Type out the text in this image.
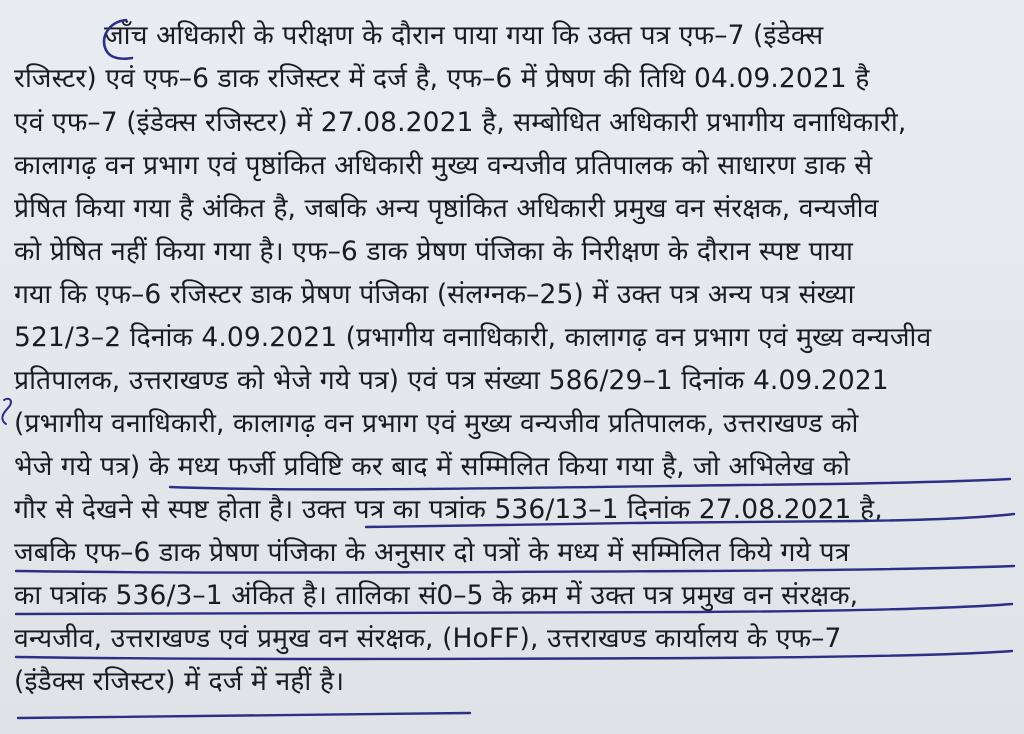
जाँच अधिकारी के परीक्षण के दौरान पाया गया कि उक्त पत्र एफ–7 (इंडेक्स
रजिस्टर) एवं एफ–6 डाक रजिस्टर में दर्ज है, एफ–6 में प्रेषण की तिथि 04.09.2021 है
एवं एफ–7 (इंडेक्स रजिस्टर) में 27.08.2021 है, सम्बोधित अधिकारी प्रभागीय वनाधिकारी,
कालागढ़ वन प्रभाग एवं पृष्ठांकित अधिकारी मुख्य वन्यजीव प्रतिपालक को साधारण डाक से
प्रेषित किया गया है अंकित है, जबकि अन्य पृष्ठांकित अधिकारी प्रमुख वन संरक्षक, वन्यजीव
को प्रेषित नहीं किया गया है। एफ–6 डाक प्रेषण पंजिका के निरीक्षण के दौरान स्पष्ट पाया
गया कि एफ–6 रजिस्टर डाक प्रेषण पंजिका (संलग्नक–25) में उक्त पत्र अन्य पत्र संख्या
521/3–2 दिनांक 4.09.2021 (प्रभागीय वनाधिकारी, कालागढ़ वन प्रभाग एवं मुख्य वन्यजीव
प्रतिपालक, उत्तराखण्ड को भेजे गये पत्र) एवं पत्र संख्या 586/29–1 दिनांक 4.09.2021
(प्रभागीय वनाधिकारी, कालागढ़ वन प्रभाग एवं मुख्य वन्यजीव प्रतिपालक, उत्तराखण्ड को
भेजे गये पत्र) के मध्य फर्जी प्रविष्टि कर बाद में सम्मिलित किया गया है, जो अभिलेख को
गौर से देखने से स्पष्ट होता है। उक्त पत्र का पत्रांक 536/13–1 दिनांक 27.08.2021 है,
जबकि एफ–6 डाक प्रेषण पंजिका के अनुसार दो पत्रों के मध्य में सम्मिलित किये गये पत्र
का पत्रांक 536/3–1 अंकित है। तालिका सं0–5 के क्रम में उक्त पत्र प्रमुख वन संरक्षक,
वन्यजीव, उत्तराखण्ड एवं प्रमुख वन संरक्षक, (HoFF), उत्तराखण्ड कार्यालय के एफ–7
(इंडैक्स रजिस्टर) में दर्ज में नहीं है।
